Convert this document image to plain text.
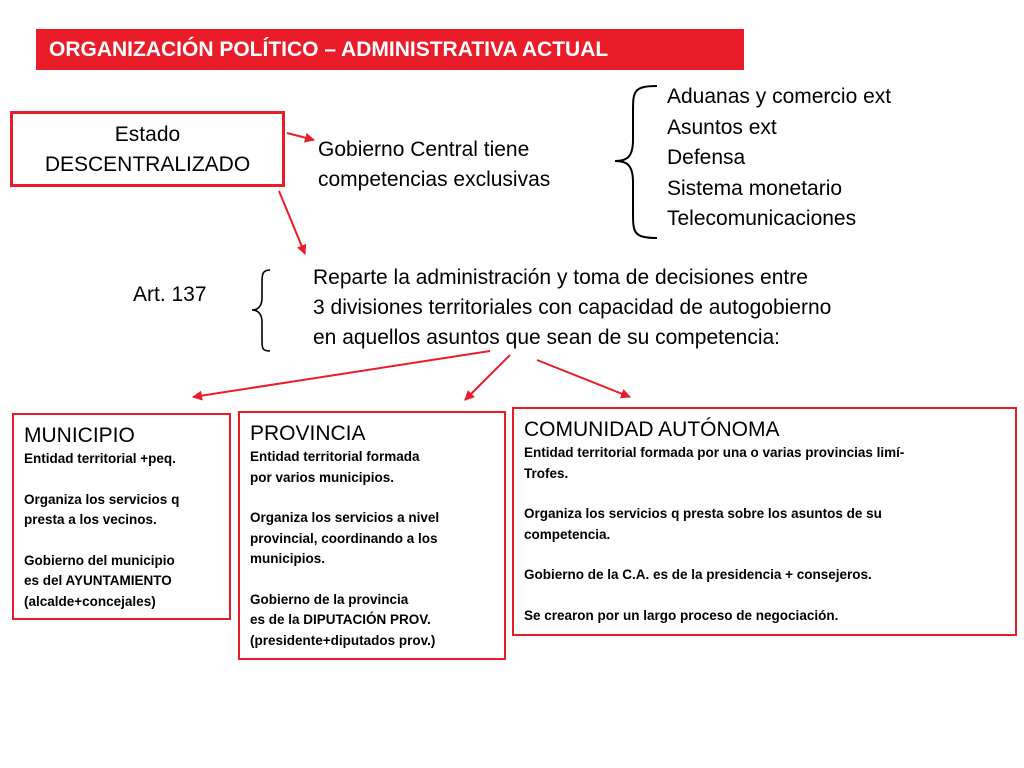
ORGANIZACIÓN POLÍTICO – ADMINISTRATIVA ACTUAL
Estado
DESCENTRALIZADO
Gobierno Central tiene
competencias exclusivas
Aduanas y comercio ext
Asuntos ext
Defensa
Sistema monetario
Telecomunicaciones
Art. 137
Reparte la administración y toma de decisiones entre
3 divisiones territoriales con capacidad de autogobierno
en aquellos asuntos que sean de su competencia:
MUNICIPIO
Entidad territorial +peq.
Organiza los servicios q
presta a los vecinos.
Gobierno del municipio
es del AYUNTAMIENTO
(alcalde+concejales)
PROVINCIA
Entidad territorial formada
por varios municipios.
Organiza los servicios a nivel
provincial, coordinando a los
municipios.
Gobierno de la provincia
es de la DIPUTACIÓN PROV.
(presidente+diputados prov.)
COMUNIDAD AUTÓNOMA
Entidad territorial formada por una o varias provincias limí-
Trofes.
Organiza los servicios q presta sobre los asuntos de su
competencia.
Gobierno de la C.A. es de la presidencia + consejeros.
Se crearon por un largo proceso de negociación.
